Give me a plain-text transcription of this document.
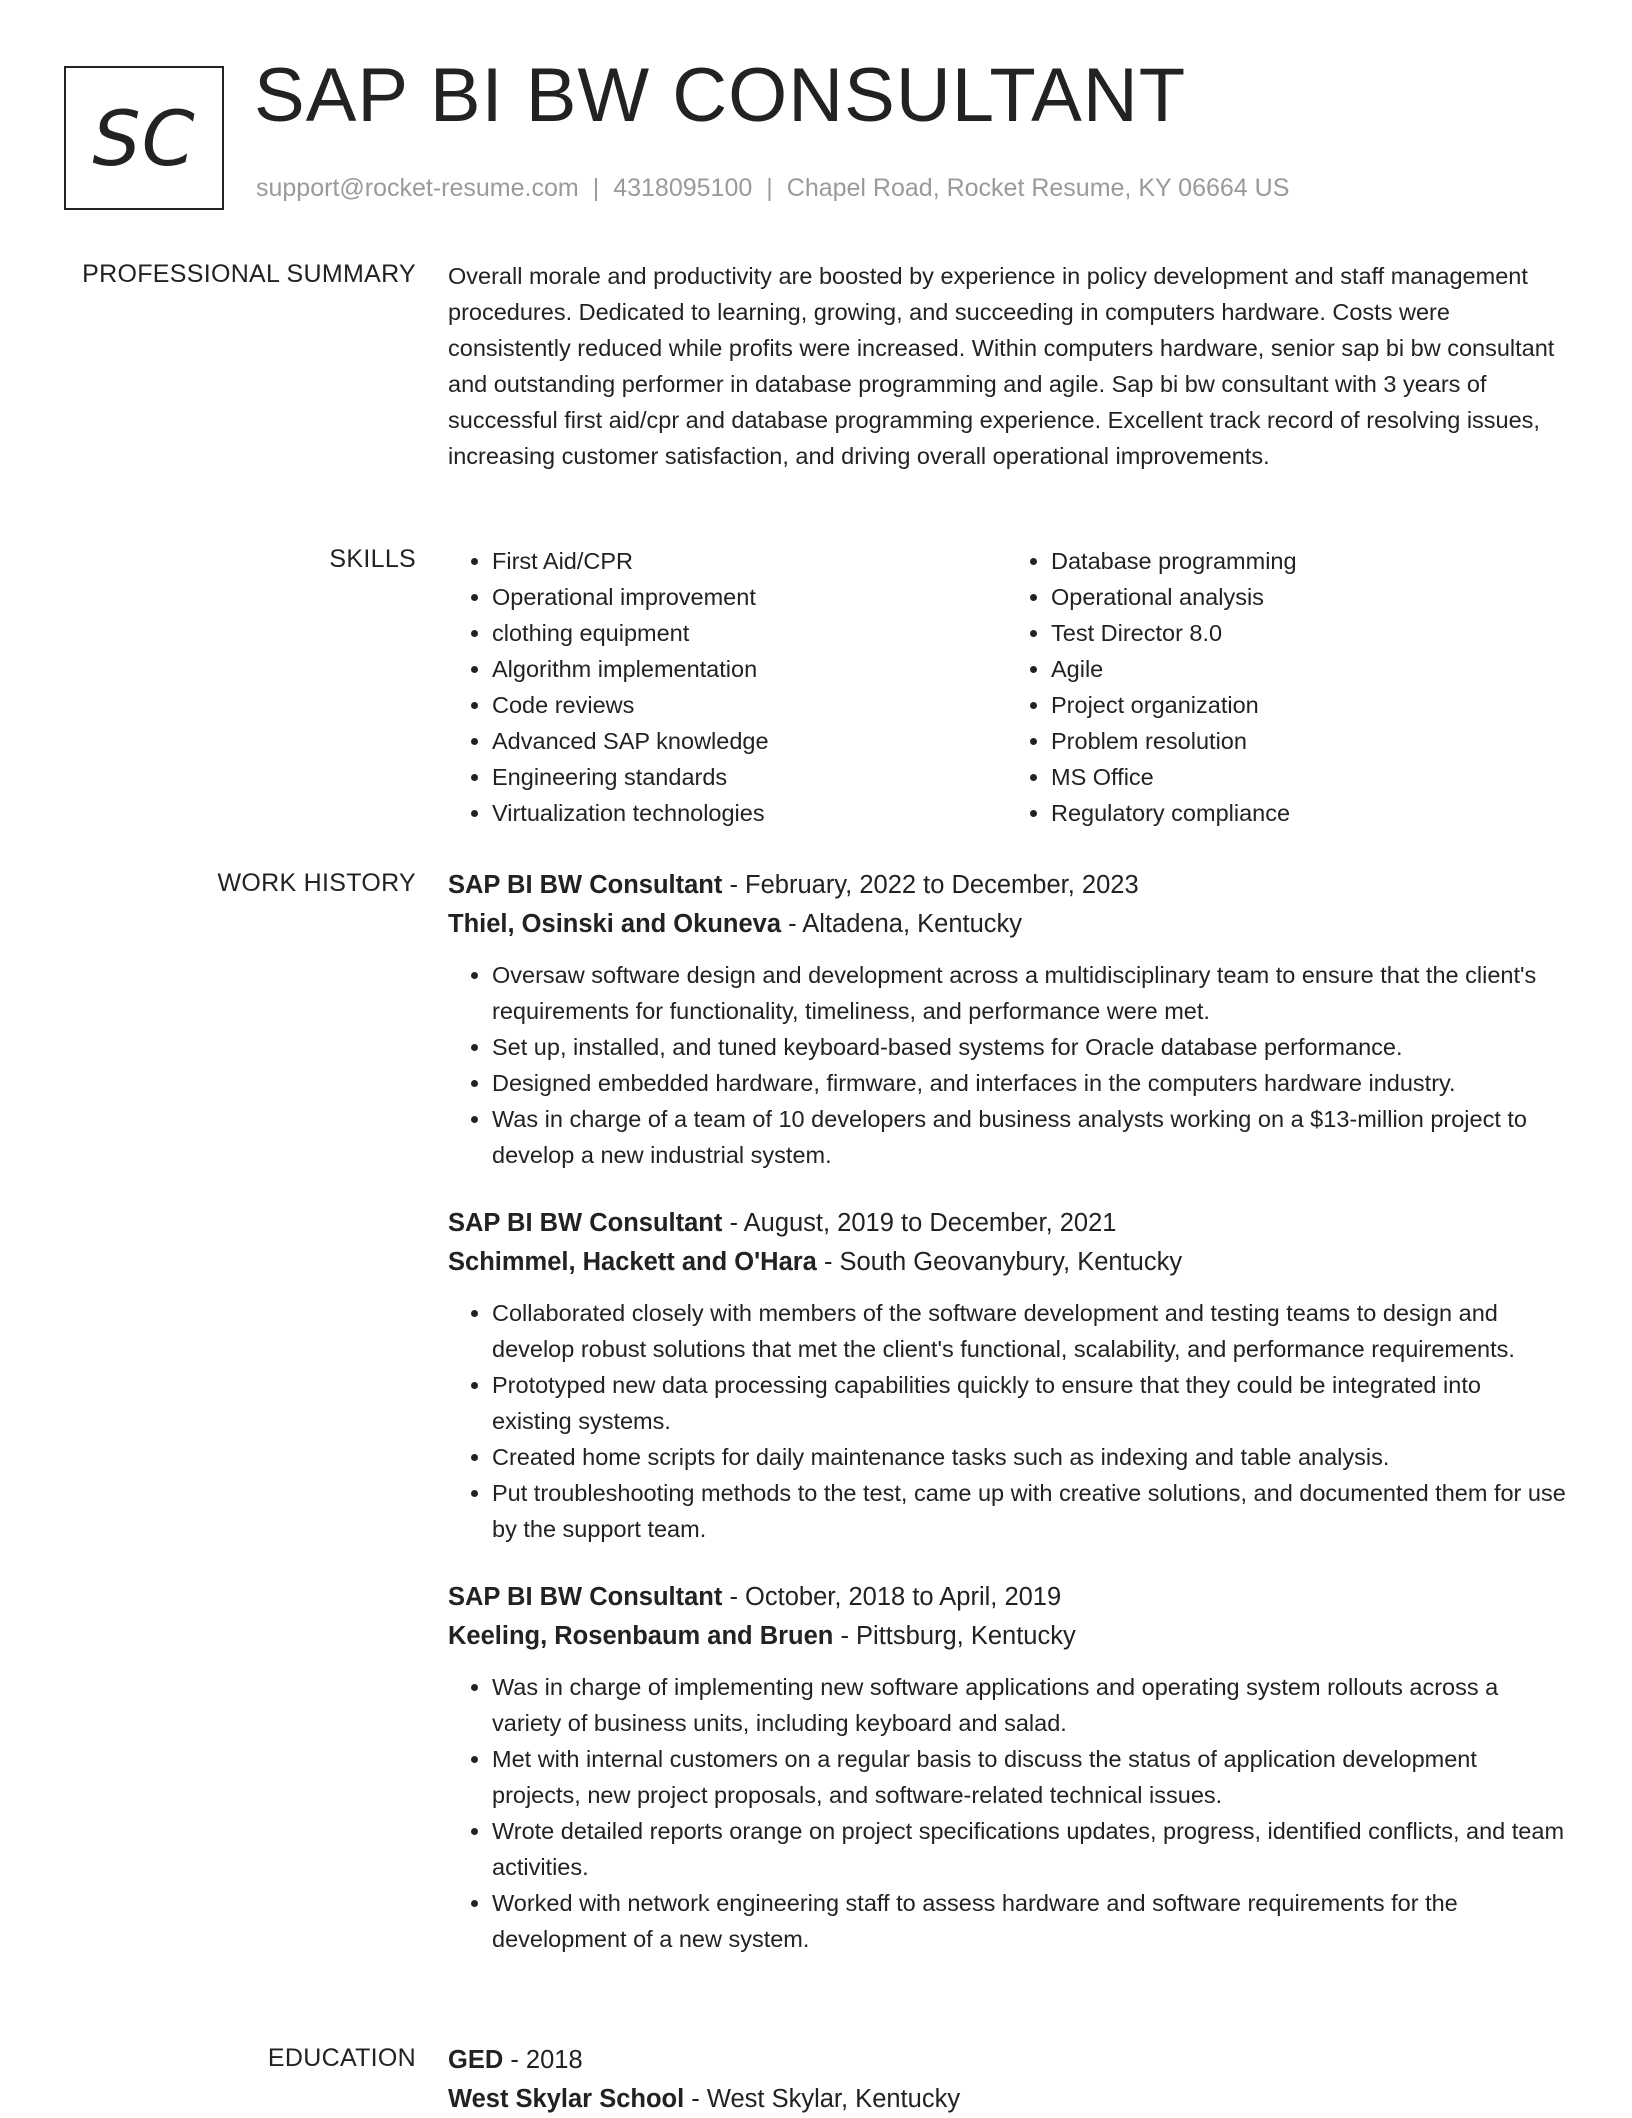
SC SAP BI BW CONSULTANT
support@rocket-resume.com | 4318095100 | Chapel Road, Rocket Resume, KY 06664 US
PROFESSIONAL SUMMARY Overall morale and productivity are boosted by experience in policy development and staff management procedures. Dedicated to learning, growing, and succeeding in computers hardware. Costs were consistently reduced while profits were increased. Within computers hardware, senior sap bi bw consultant and outstanding performer in database programming and agile. Sap bi bw consultant with 3 years of successful first aid/cpr and database programming experience. Excellent track record of resolving issues, increasing customer satisfaction, and driving overall operational improvements.

SKILLS
•	First Aid/CPR
• Operational improvement
• clothing equipment
• Algorithm implementation
• Code reviews
• Advanced SAP knowledge
• Engineering standards
• Virtualization technologies
• Database programming
• Operational analysis
• Test Director 8.0
• Agile
• Project organization
• Problem resolution
• MS Office
• Regulatory compliance
WORK HISTORY SAP BI BW Consultant - February, 2022 to December, 2023
Thiel, Osinski and Okuneva - Altadena, Kentucky
• Oversaw software design and development across a multidisciplinary team to ensure that the client's requirements for functionality, timeliness, and performance were met.
• Set up, installed, and tuned keyboard-based systems for Oracle database performance.
• Designed embedded hardware, firmware, and interfaces in the computers hardware industry.
• Was in charge of a team of 10 developers and business analysts working on a $13-million project to develop a new industrial system.
SAP BI BW Consultant - August, 2019 to December, 2021
Schimmel, Hackett and O'Hara - South Geovanybury, Kentucky
• Collaborated closely with members of the software development and testing teams to design and develop robust solutions that met the client's functional, scalability, and performance requirements.
• Prototyped new data processing capabilities quickly to ensure that they could be integrated into existing systems.
• Created home scripts for daily maintenance tasks such as indexing and table analysis.
• Put troubleshooting methods to the test, came up with creative solutions, and documented them for use by the support team.
SAP BI BW Consultant - October, 2018 to April, 2019
Keeling, Rosenbaum and Bruen - Pittsburg, Kentucky
• Was in charge of implementing new software applications and operating system rollouts across a variety of business units, including keyboard and salad.
• Met with internal customers on a regular basis to discuss the status of application development projects, new project proposals, and software-related technical issues.
• Wrote detailed reports orange on project specifications updates, progress, identified conflicts, and team activities.
• Worked with network engineering staff to assess hardware and software requirements for the development of a new system.
EDUCATION GED - 2018
West Skylar School - West Skylar, Kentucky
